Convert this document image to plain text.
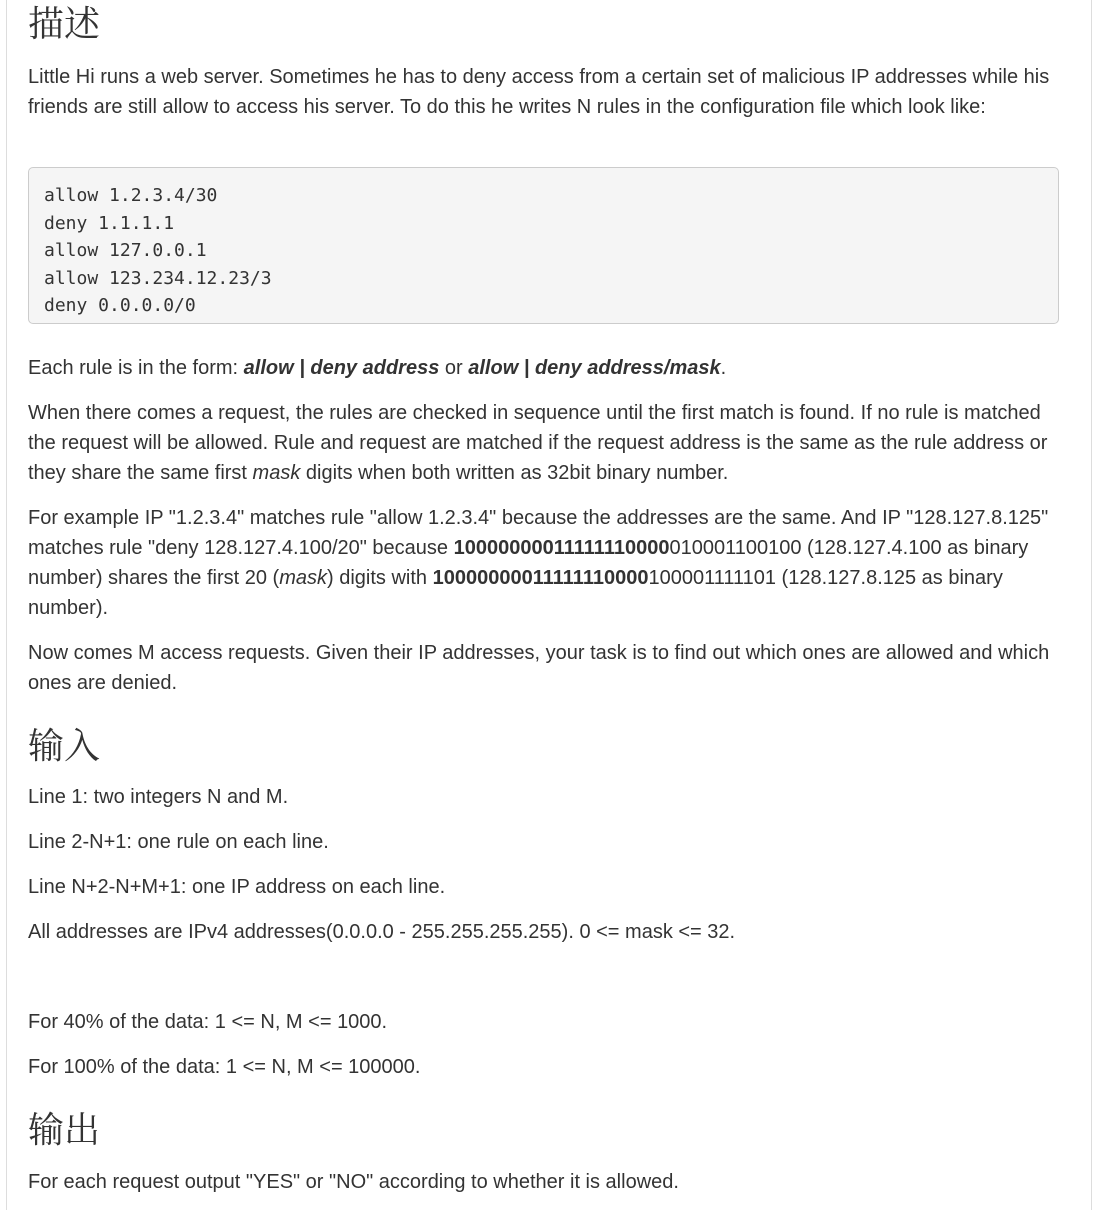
描述

Little Hi runs a web server. Sometimes he has to deny access from a certain set of malicious IP addresses while his friends are still allow to access his server. To do this he writes N rules in the configuration file which look like:

allow 1.2.3.4/30
deny 1.1.1.1
allow 127.0.0.1
allow 123.234.12.23/3
deny 0.0.0.0/0

Each rule is in the form: allow | deny address or allow | deny address/mask.

When there comes a request, the rules are checked in sequence until the first match is found. If no rule is matched the request will be allowed. Rule and request are matched if the request address is the same as the rule address or they share the same first mask digits when both written as 32bit binary number.

For example IP "1.2.3.4" matches rule "allow 1.2.3.4" because the addresses are the same. And IP "128.127.8.125" matches rule "deny 128.127.4.100/20" because 10000000011111110000010001100100 (128.127.4.100 as binary number) shares the first 20 (mask) digits with 10000000011111110000100001111101 (128.127.8.125 as binary number).

Now comes M access requests. Given their IP addresses, your task is to find out which ones are allowed and which ones are denied.

输入

Line 1: two integers N and M.

Line 2-N+1: one rule on each line.

Line N+2-N+M+1: one IP address on each line.

All addresses are IPv4 addresses(0.0.0.0 - 255.255.255.255). 0 <= mask <= 32.

For 40% of the data: 1 <= N, M <= 1000.

For 100% of the data: 1 <= N, M <= 100000.

输出

For each request output "YES" or "NO" according to whether it is allowed.
